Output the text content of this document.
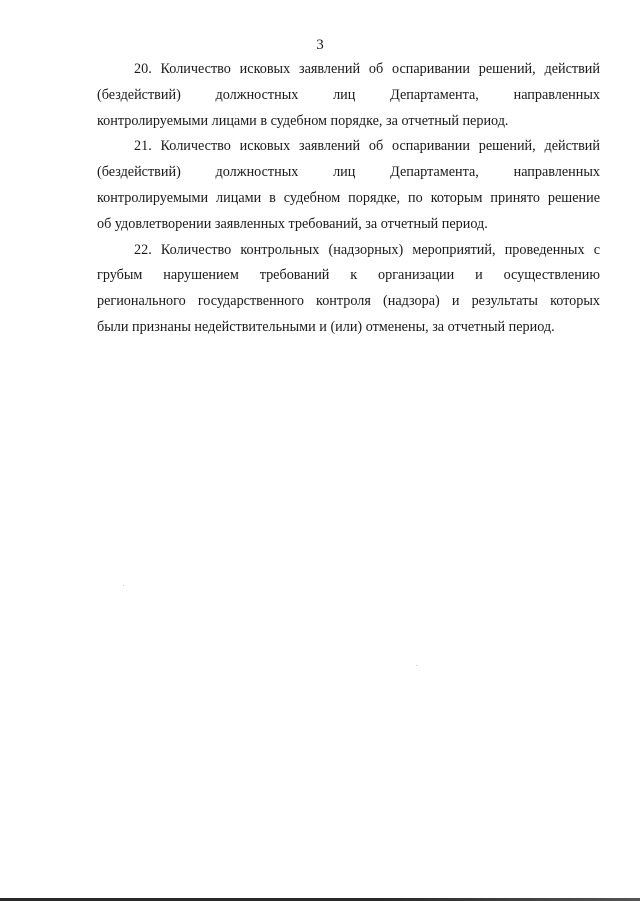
3
20. Количество исковых заявлений об оспаривании решений, действий
(бездействий) должностных лиц Департамента, направленных
контролируемыми лицами в судебном порядке, за отчетный период.
21. Количество исковых заявлений об оспаривании решений, действий
(бездействий) должностных лиц Департамента, направленных
контролируемыми лицами в судебном порядке, по которым принято решение
об удовлетворении заявленных требований, за отчетный период.
22. Количество контрольных (надзорных) мероприятий, проведенных с
грубым нарушением требований к организации и осуществлению
регионального государственного контроля (надзора) и результаты которых
были признаны недействительными и (или) отменены, за отчетный период.
